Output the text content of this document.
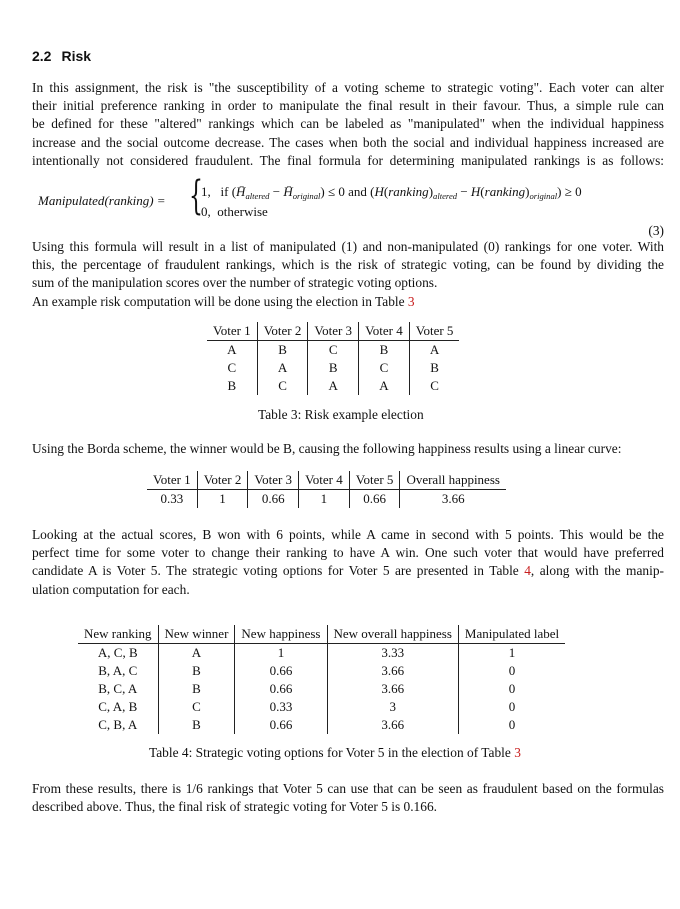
2.2 Risk
In this assignment, the risk is "the susceptibility of a voting scheme to strategic voting". Each voter can alter
their initial preference ranking in order to manipulate the final result in their favour. Thus, a simple rule can
be defined for these "altered" rankings which can be labeled as "manipulated" when the individual happiness
increase and the social outcome decrease. The cases when both the social and individual happiness increased are
intentionally not considered fraudulent. The final formula for determining manipulated rankings is as follows:
Manipulated(ranking) = {
1, if ($H̄_{altered}$ − $H̄_{original}) \le 0$ and ($H(ranking)_{altered}$ − $H(ranking)_{original}) \ge 0$
0, otherwise
(3)
Using this formula will result in a list of manipulated (1) and non-manipulated (0) rankings for one voter. With
this, the percentage of fraudulent rankings, which is the risk of strategic voting, can be found by dividing the
sum of the manipulation scores over the number of strategic voting options.
An example risk computation will be done using the election in Table 3
Voter 1	Voter 2	Voter 3	Voter 4	Voter 5
A	B	C	B	A
C	A	B	C	B
B	C	A	A	C
Table 3: Risk example election
Using the Borda scheme, the winner would be B, causing the following happiness results using a linear curve:
Voter 1	Voter 2	Voter 3	Voter 4	Voter 5	Overall happiness
0.33	1	0.66	1	0.66	3.66
Looking at the actual scores, B won with 6 points, while A came in second with 5 points. This would be the
perfect time for some voter to change their ranking to have A win. One such voter that would have preferred
candidate A is Voter 5. The strategic voting options for Voter 5 are presented in Table 4, along with the manip-
ulation computation for each.
New ranking	New winner	New happiness	New overall happiness	Manipulated label
A, C, B	A	1	3.33	1
B, A, C	B	0.66	3.66	0
B, C, A	B	0.66	3.66	0
C, A, B	C	0.33	3	0
C, B, A	B	0.66	3.66	0
Table 4: Strategic voting options for Voter 5 in the election of Table 3
From these results, there is 1/6 rankings that Voter 5 can use that can be seen as fraudulent based on the formulas
described above. Thus, the final risk of strategic voting for Voter 5 is 0.166.
